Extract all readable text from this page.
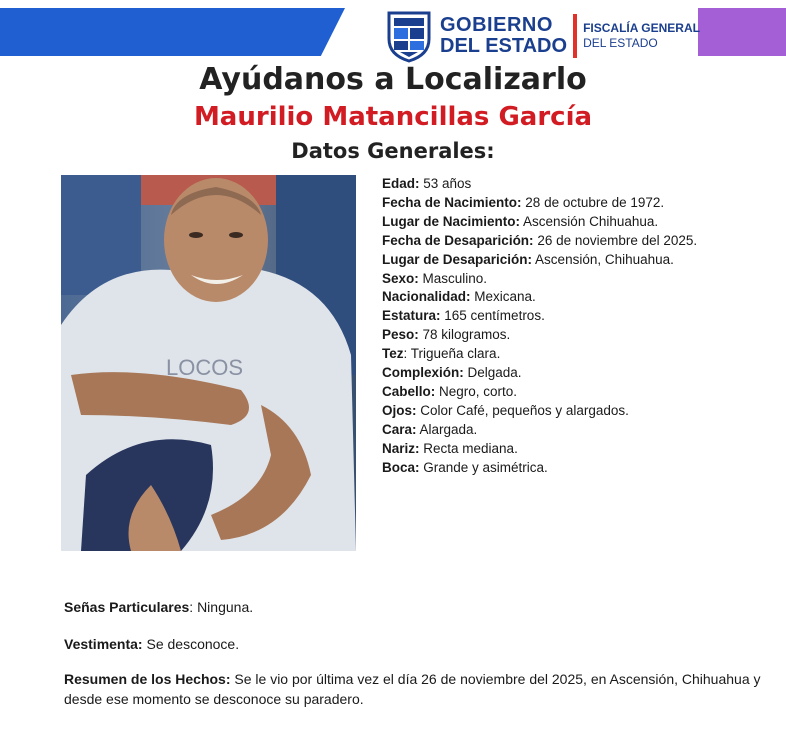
GOBIERNO
DEL ESTADO
FISCALÍA GENERAL
DEL ESTADO
Ayúdanos a Localizarlo
Maurilio Matancillas García
Datos Generales:
LOCOS
Edad: 53 años
Fecha de Nacimiento: 28 de octubre de 1972.
Lugar de Nacimiento: Ascensión Chihuahua.
Fecha de Desaparición: 26 de noviembre del 2025.
Lugar de Desaparición: Ascensión, Chihuahua.
Sexo: Masculino.
Nacionalidad: Mexicana.
Estatura: 165 centímetros.
Peso: 78 kilogramos.
Tez: Trigueña clara.
Complexión: Delgada.
Cabello: Negro, corto.
Ojos: Color Café, pequeños y alargados.
Cara: Alargada.
Nariz: Recta mediana.
Boca: Grande y asimétrica.
Señas Particulares: Ninguna.
Vestimenta: Se desconoce.
Resumen de los Hechos: Se le vio por última vez el día 26 de noviembre del 2025, en Ascensión, Chihuahua y desde ese momento se desconoce su paradero.
